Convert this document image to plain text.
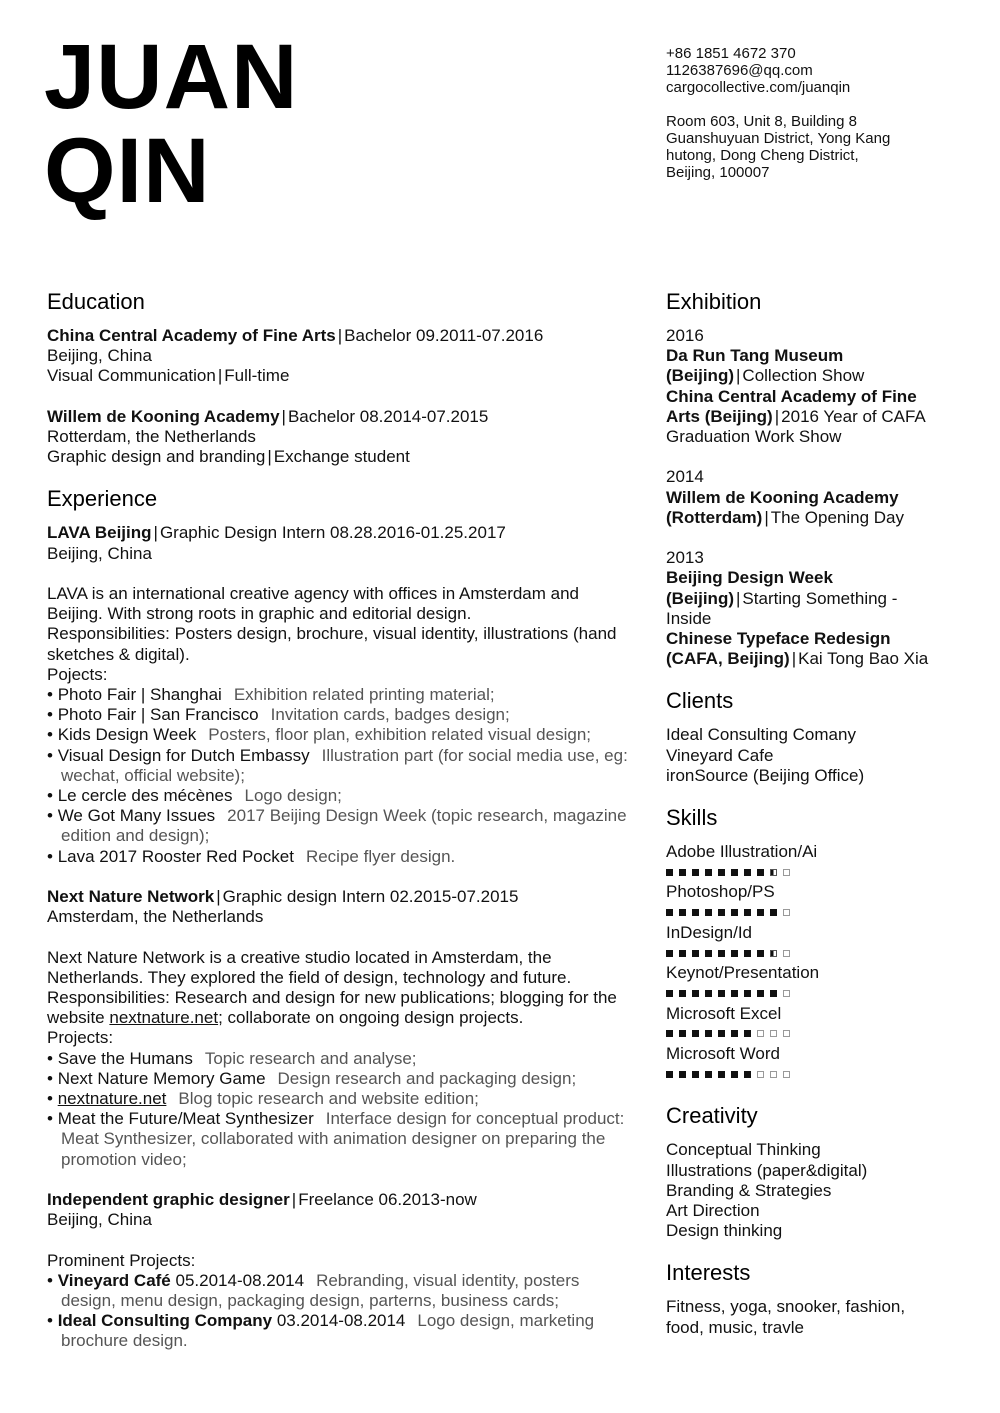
JUAN
QIN
+86 1851 4672 370
1126387696@qq.com
cargocollective.com/juanqin
Room 603, Unit 8, Building 8
Guanshuyuan District, Yong Kang
hutong, Dong Cheng District,
Beijing, 100007
Education
China Central Academy of Fine Arts | Bachelor 09.2011-07.2016
Beijing, China
Visual Communication | Full-time
Willem de Kooning Academy | Bachelor 08.2014-07.2015
Rotterdam, the Netherlands
Graphic design and branding | Exchange student
Experience
LAVA Beijing | Graphic Design Intern 08.28.2016-01.25.2017
Beijing, China
LAVA is an international creative agency with offices in Amsterdam and Beijing. With strong roots in graphic and editorial design.
Responsibilities: Posters design, brochure, visual identity, illustrations (hand sketches & digital).
Pojects:
• Photo Fair | Shanghai Exhibition related printing material;
• Photo Fair | San Francisco Invitation cards, badges design;
• Kids Design Week Posters, floor plan, exhibition related visual design;
• Visual Design for Dutch Embassy Illustration part (for social media use, eg: wechat, official website);
• Le cercle des mécènes Logo design;
• We Got Many Issues 2017 Beijing Design Week (topic research, magazine edition and design);
• Lava 2017 Rooster Red Pocket Recipe flyer design.
Next Nature Network | Graphic design Intern 02.2015-07.2015
Amsterdam, the Netherlands
Next Nature Network is a creative studio located in Amsterdam, the Netherlands. They explored the field of design, technology and future.
Responsibilities: Research and design for new publications; blogging for the website nextnature.net; collaborate on ongoing design projects.
Projects:
• Save the Humans Topic research and analyse;
• Next Nature Memory Game Design research and packaging design;
• nextnature.net Blog topic research and website edition;
• Meat the Future/Meat Synthesizer Interface design for conceptual product: Meat Synthesizer, collaborated with animation designer on preparing the promotion video;
Independent graphic designer | Freelance 06.2013-now
Beijing, China
Prominent Projects:
• Vineyard Café 05.2014-08.2014 Rebranding, visual identity, posters design, menu design, packaging design, parterns, business cards;
• Ideal Consulting Company 03.2014-08.2014 Logo design, marketing brochure design.
Exhibition
2016
Da Run Tang Museum (Beijing) | Collection Show
China Central Academy of Fine Arts (Beijing) | 2016 Year of CAFA Graduation Work Show
2014
Willem de Kooning Academy (Rotterdam) | The Opening Day
2013
Beijing Design Week (Beijing) | Starting Something - Inside
Chinese Typeface Redesign (CAFA, Beijing) | Kai Tong Bao Xia
Clients
Ideal Consulting Comany
Vineyard Cafe
ironSource (Beijing Office)
Skills
Adobe Illustration/Ai
Photoshop/PS
InDesign/Id
Keynot/Presentation
Microsoft Excel
Microsoft Word
Creativity
Conceptual Thinking
Illustrations (paper&digital)
Branding & Strategies
Art Direction
Design thinking
Interests
Fitness, yoga, snooker, fashion, food, music, travle
